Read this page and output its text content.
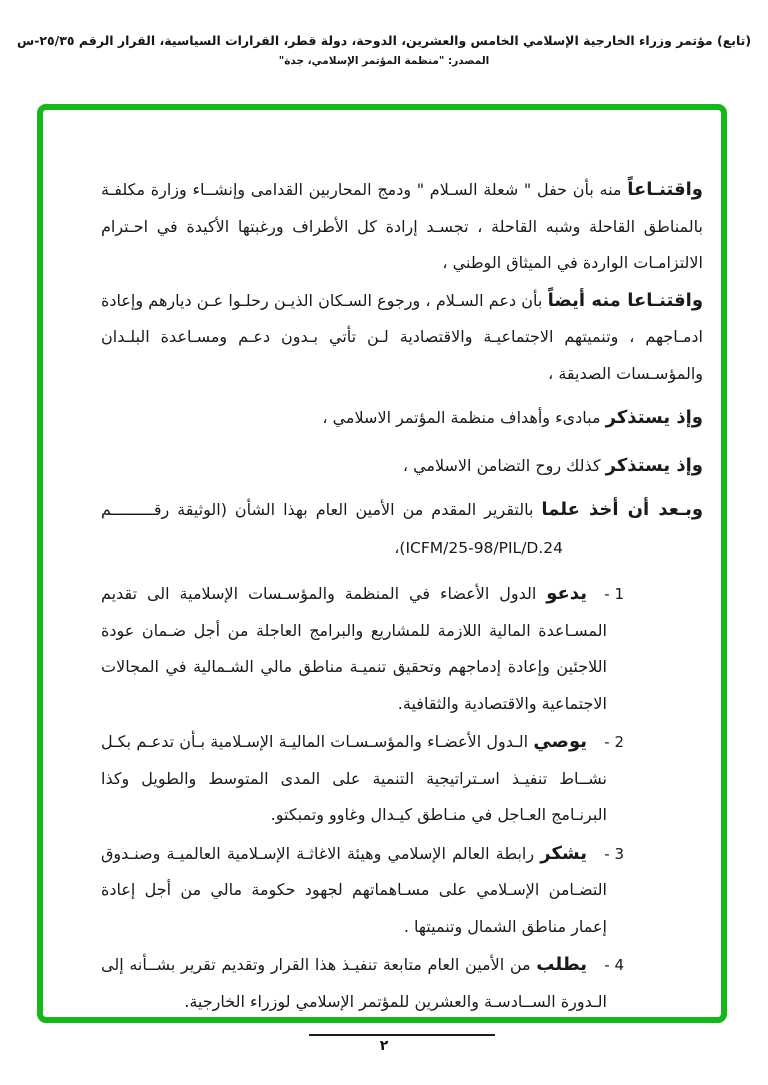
(تابع) مؤتمر وزراء الخارجية الإسلامي الخامس والعشرين، الدوحة، دولة قطر، القرارات السياسية، القرار الرقم ٢٥/٣٥-س
المصدر: "منظمة المؤتمر الإسلامي، جدة"
واقتنـاعاً منه بأن حفل " شعلة السـلام " ودمج المحاربين القدامى وإنشــاء وزارة مكلفـة بالمناطق القاحلة وشبه القاحلة ، تجسـد إرادة كل الأطراف ورغبتها الأكيدة في احـترام الالتزامـات الواردة في الميثاق الوطني ،
واقتنـاعا منه أيضاً بأن دعم السـلام ، ورجوع السـكان الذيـن رحلـوا عـن ديارهم وإعادة ادمـاجهم ، وتنميتهم الاجتماعيـة والاقتصادية لـن تأتي بـدون دعـم ومسـاعدة البلـدان والمؤسـسات الصديقة ،
وإذ يستذكر مبادىء وأهداف منظمة المؤتمر الاسلامي ،
وإذ يستذكر كذلك روح التضامن الاسلامي ،
وبـعد أن أخذ علما بالتقرير المقدم من الأمين العام بهذا الشأن (الوثيقة رقـــــــــم
ICFM/25-98/PIL/D.24)،
1 -
يدعو الدول الأعضاء في المنظمة والمؤسـسات الإسلامية الى تقديم المسـاعدة المالية اللازمة للمشاريع والبرامج العاجلة من أجل ضـمان عودة اللاجئين وإعادة إدماجهم وتحقيق تنميـة مناطق مالي الشـمالية في المجالات الاجتماعية والاقتصادية والثقافية.
2 -
يوصي الـدول الأعضـاء والمؤسـسـات الماليـة الإسـلامية بـأن تدعـم بكـل نشــاط تنفيـذ اسـتراتيجية التنمية على المدى المتوسط والطويل وكذا البرنـامج العـاجل في منـاطق كيـدال وغاوو وتمبكتو.
3 -
يشكر رابطة العالم الإسلامي وهيئة الاغاثـة الإسـلامية العالميـة وصنـدوق التضـامن الإسـلامي على مسـاهماتهم لجهود حكومة مالي من أجل إعادة إعمار مناطق الشمال وتنميتها .
4 -
يطلب من الأمين العام متابعة تنفيـذ هذا القرار وتقديم تقرير بشــأنه إلى الـدورة الســادسـة والعشرين للمؤتمر الإسلامي لوزراء الخارجية.
٢
